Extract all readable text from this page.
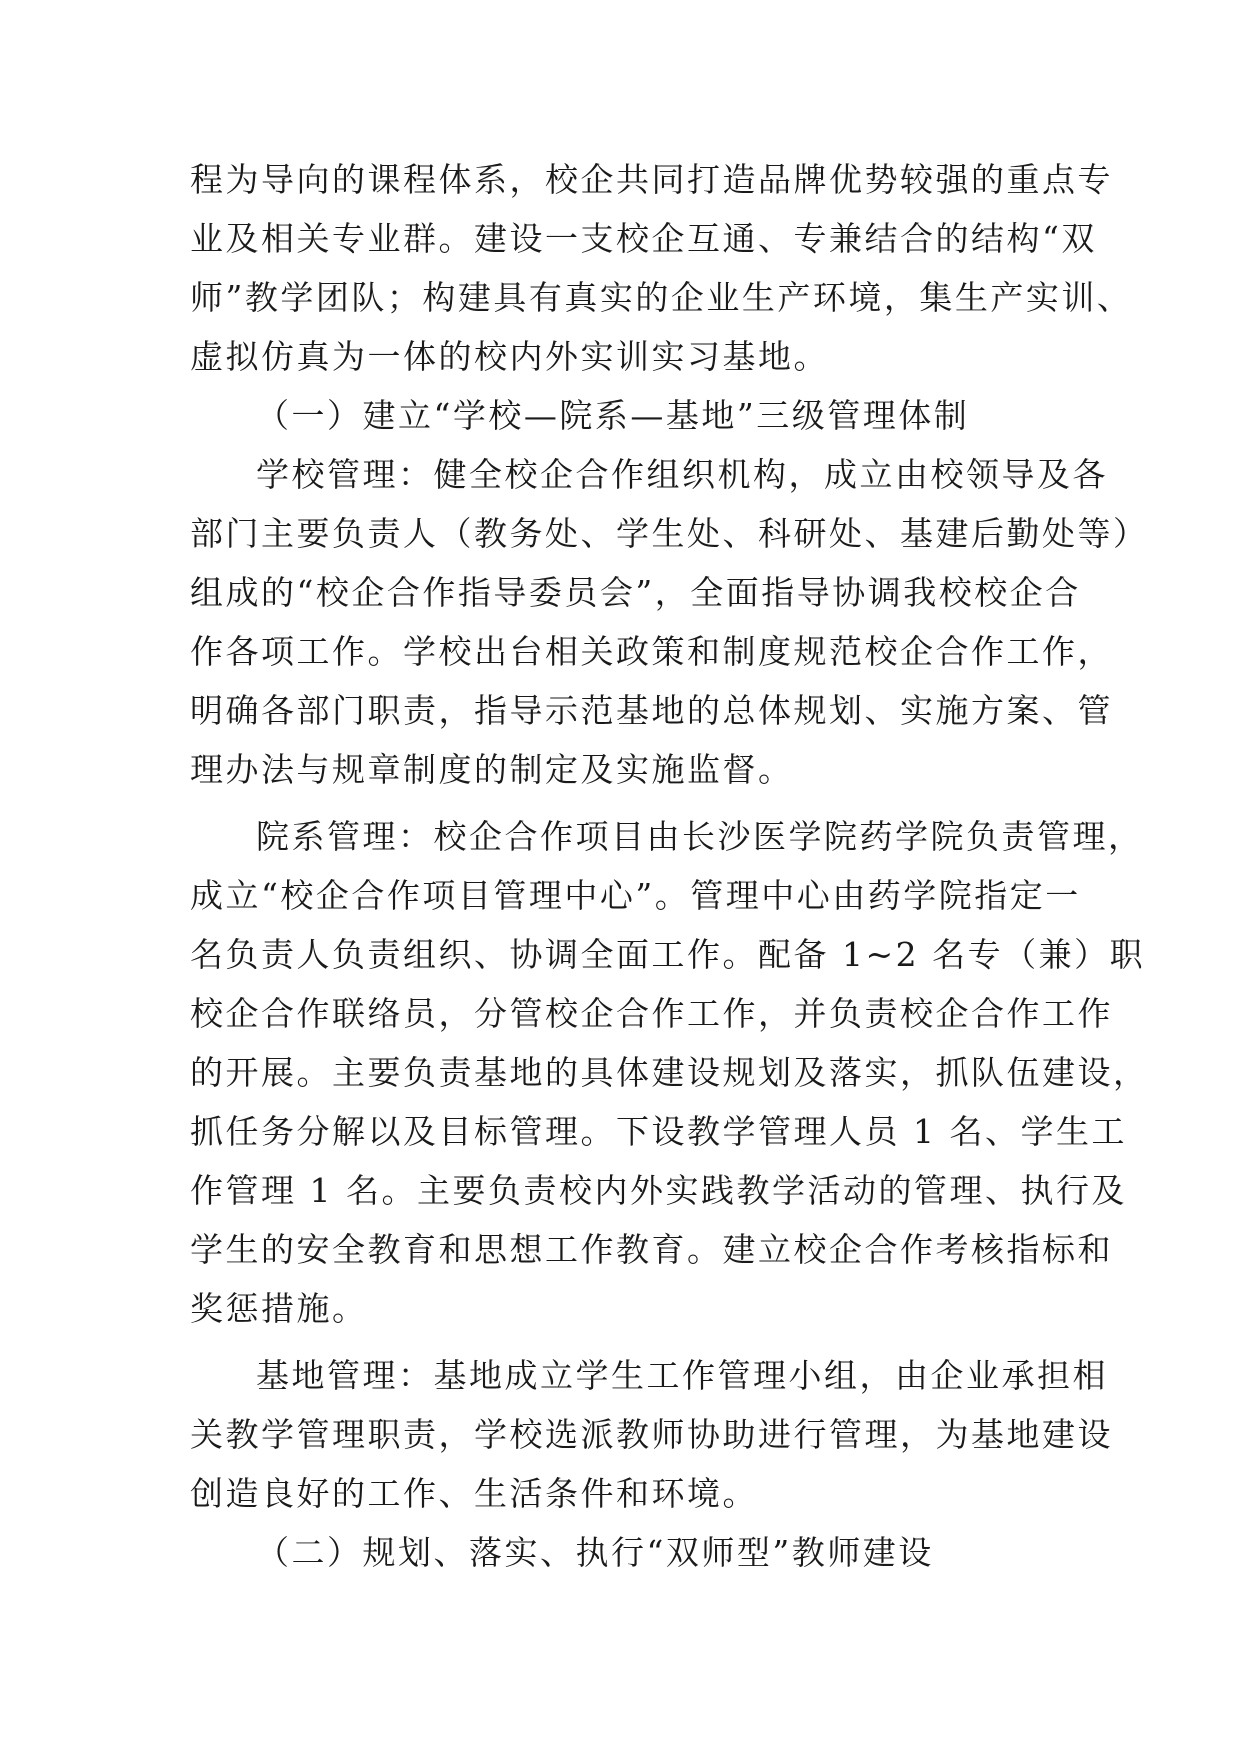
程为导向的课程体系，校企共同打造品牌优势较强的重点专
业及相关专业群。建设一支校企互通、专兼结合的结构“双
师”教学团队；构建具有真实的企业生产环境，集生产实训、
虚拟仿真为一体的校内外实训实习基地。
（一）建立“学校—院系—基地”三级管理体制
学校管理：健全校企合作组织机构，成立由校领导及各
部门主要负责人（教务处、学生处、科研处、基建后勤处等）
组成的“校企合作指导委员会”，全面指导协调我校校企合
作各项工作。学校出台相关政策和制度规范校企合作工作，
明确各部门职责，指导示范基地的总体规划、实施方案、管
理办法与规章制度的制定及实施监督。
院系管理：校企合作项目由长沙医学院药学院负责管理，
成立“校企合作项目管理中心”。管理中心由药学院指定一
名负责人负责组织、协调全面工作。配备 1~2 名专（兼）职
校企合作联络员，分管校企合作工作，并负责校企合作工作
的开展。主要负责基地的具体建设规划及落实，抓队伍建设，
抓任务分解以及目标管理。下设教学管理人员 1 名、学生工
作管理 1 名。主要负责校内外实践教学活动的管理、执行及
学生的安全教育和思想工作教育。建立校企合作考核指标和
奖惩措施。
基地管理：基地成立学生工作管理小组，由企业承担相
关教学管理职责，学校选派教师协助进行管理，为基地建设
创造良好的工作、生活条件和环境。
（二）规划、落实、执行“双师型”教师建设
